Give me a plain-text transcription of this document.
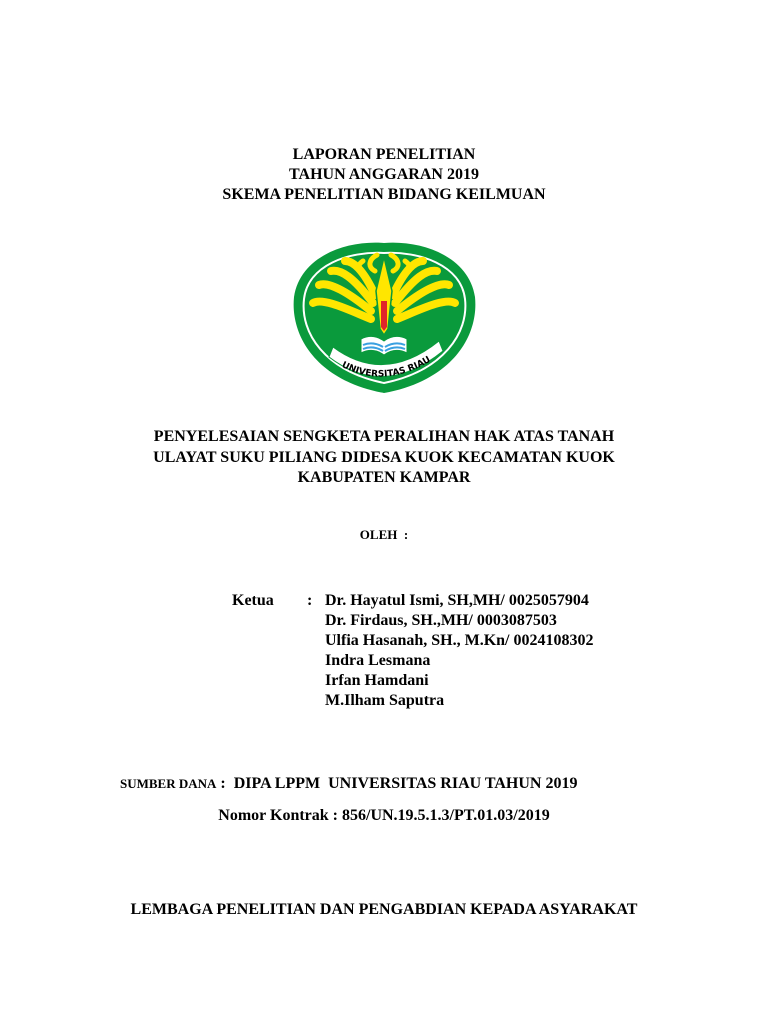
LAPORAN PENELITIAN
TAHUN ANGGARAN 2019
SKEMA PENELITIAN BIDANG KEILMUAN
UNIVERSITAS RIAU
PENYELESAIAN SENGKETA PERALIHAN HAK ATAS TANAH
ULAYAT SUKU PILIANG DIDESA KUOK KECAMATAN KUOK
KABUPATEN KAMPAR
OLEH  :
Ketua : Dr. Hayatul Ismi, SH,MH/ 0025057904
Dr. Firdaus, SH.,MH/ 0003087503
Ulfia Hasanah, SH., M.Kn/ 0024108302
Indra Lesmana
Irfan Hamdani
M.Ilham Saputra
SUMBER DANA :  DIPA LPPM  UNIVERSITAS RIAU TAHUN 2019
Nomor Kontrak : 856/UN.19.5.1.3/PT.01.03/2019
LEMBAGA PENELITIAN DAN PENGABDIAN KEPADA ASYARAKAT
